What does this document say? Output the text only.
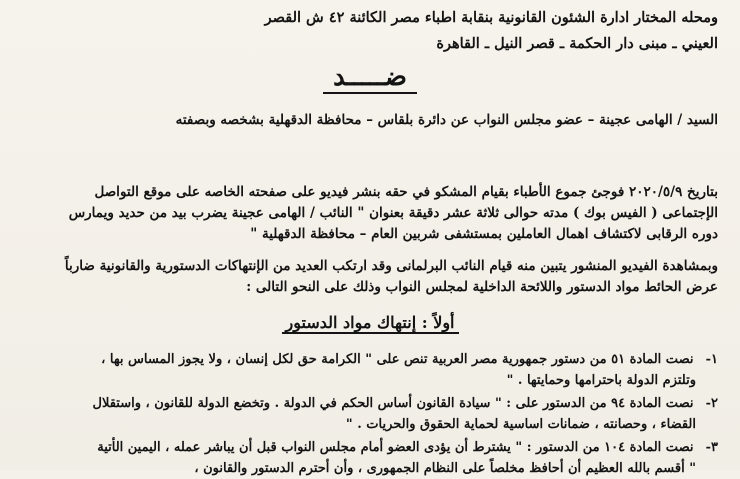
ومحله المختار ادارة الشئون القانونية بنقابة اطباء مصر الكائنة ٤٢ ش القصر
العيني ـ مبنى دار الحكمة ـ قصر النيل ـ القاهرة
ضـــــد
السيد / الهامى عجينة – عضو مجلس النواب عن دائرة بلقاس – محافظة الدقهلية بشخصه وبصفته
بتاريخ ٢٠٢٠/٥/٩ فوجئ جموع الأطباء بقيام المشكو في حقه بنشر فيديو على صفحته الخاصه على موقع التواصل
الإجتماعى ( الفيس بوك ) مدته حوالى ثلاثة عشر دقيقة بعنوان " النائب / الهامى عجينة يضرب بيد من حديد ويمارس
دوره الرقابى لاكتشاف اهمال العاملين بمستشفى شربين العام – محافظة الدقهلية "
وبمشاهدة الفيديو المنشور يتبين منه قيام النائب البرلمانى وقد ارتكب العديد من الإنتهاكات الدستورية والقانونية ضارباً
عرض الحائط مواد الدستور واللائحة الداخلية لمجلس النواب وذلك على النحو التالى :
أولاً : إنتهاك مواد الدستور
١- نصت المادة ٥١ من دستور جمهورية مصر العربية تنص على " الكرامة حق لكل إنسان ، ولا يجوز المساس بها ،
وتلتزم الدولة باحترامها وحمايتها . "
٢- نصت المادة ٩٤ من الدستور على : " سيادة القانون أساس الحكم في الدولة . وتخضع الدولة للقانون ، واستقلال
القضاء ، وحصانته ، ضمانات اساسية لحماية الحقوق والحريات . "
٣- نصت المادة ١٠٤ من الدستور : " يشترط أن يؤدى العضو أمام مجلس النواب قبل أن يباشر عمله ، اليمين الأتية
" أقسم بالله العظيم أن أحافظ مخلصاً على النظام الجمهورى ، وأن أحترم الدستور والقانون ،
